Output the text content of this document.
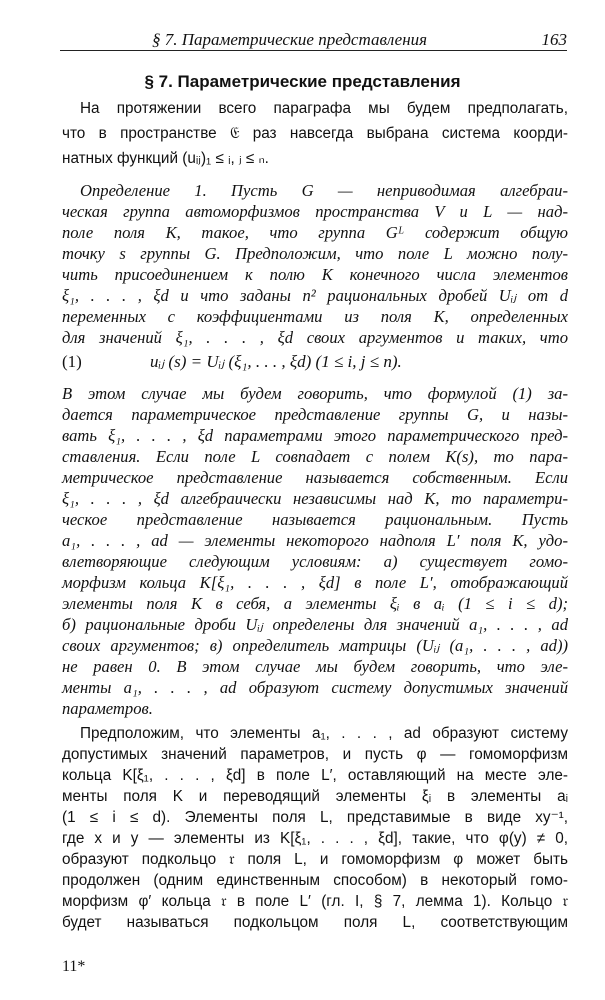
§ 7. Параметрические представления	163
§ 7. Параметрические представления

На протяжении всего параграфа мы будем предполагать,

что в пространстве 𝔈 раз навсегда выбрана система коорди-

натных функций (uᵢⱼ)₁ ≤ ᵢ, ⱼ ≤ ₙ.

Определение 1. Пусть G — неприводимая алгебраи-

ческая группа автоморфизмов пространства V и L — над-

поле поля K, такое, что группа Gᴸ содержит общую

точку s группы G. Предположим, что поле L можно полу-

чить присоединением к полю K конечного числа элементов

ξ₁, . . . , ξd и что заданы n² рациональных дробей Uᵢⱼ от d

переменных с коэффициентами из поля K, определенных

для значений ξ₁, . . . , ξd своих аргументов и таких, что

(1)	uᵢⱼ (s) = Uᵢⱼ (ξ₁, . . . , ξd) (1 ≤ i, j ≤ n).

В этом случае мы будем говорить, что формулой (1) за-

дается параметрическое представление группы G, и назы-

вать ξ₁, . . . , ξd параметрами этого параметрического пред-

ставления. Если поле L совпадает с полем K(s), то пара-

метрическое представление называется собственным. Если

ξ₁, . . . , ξd алгебраически независимы над K, то параметри-

ческое представление называется рациональным. Пусть

a₁, . . . , ad — элементы некоторого надполя L′ поля K, удо-

влетворяющие следующим условиям: а) существует гомо-

морфизм кольца K[ξ₁, . . . , ξd] в поле L′, отображающий

элементы поля K в себя, а элементы ξᵢ в aᵢ (1 ≤ i ≤ d);

б) рациональные дроби Uᵢⱼ определены для значений a₁, . . . , ad

своих аргументов; в) определитель матрицы (Uᵢⱼ (a₁, . . . , ad))

не равен 0. В этом случае мы будем говорить, что эле-

менты a₁, . . . , ad образуют систему допустимых значений

параметров.

Предположим, что элементы a₁, . . . , ad образуют систему

допустимых значений параметров, и пусть φ — гомоморфизм

кольца K[ξ₁, . . . , ξd] в поле L′, оставляющий на месте эле-

менты поля K и переводящий элементы ξᵢ в элементы aᵢ

(1 ≤ i ≤ d). Элементы поля L, представимые в виде xy⁻¹,

где x и y — элементы из K[ξ₁, . . . , ξd], такие, что φ(y) ≠ 0,

образуют подкольцо 𝔯 поля L, и гомоморфизм φ может быть

продолжен (одним единственным способом) в некоторый гомо-

морфизм φ′ кольца 𝔯 в поле L′ (гл. I, § 7, лемма 1). Кольцо 𝔯

будет называться подкольцом поля L, соответствующим

11*
